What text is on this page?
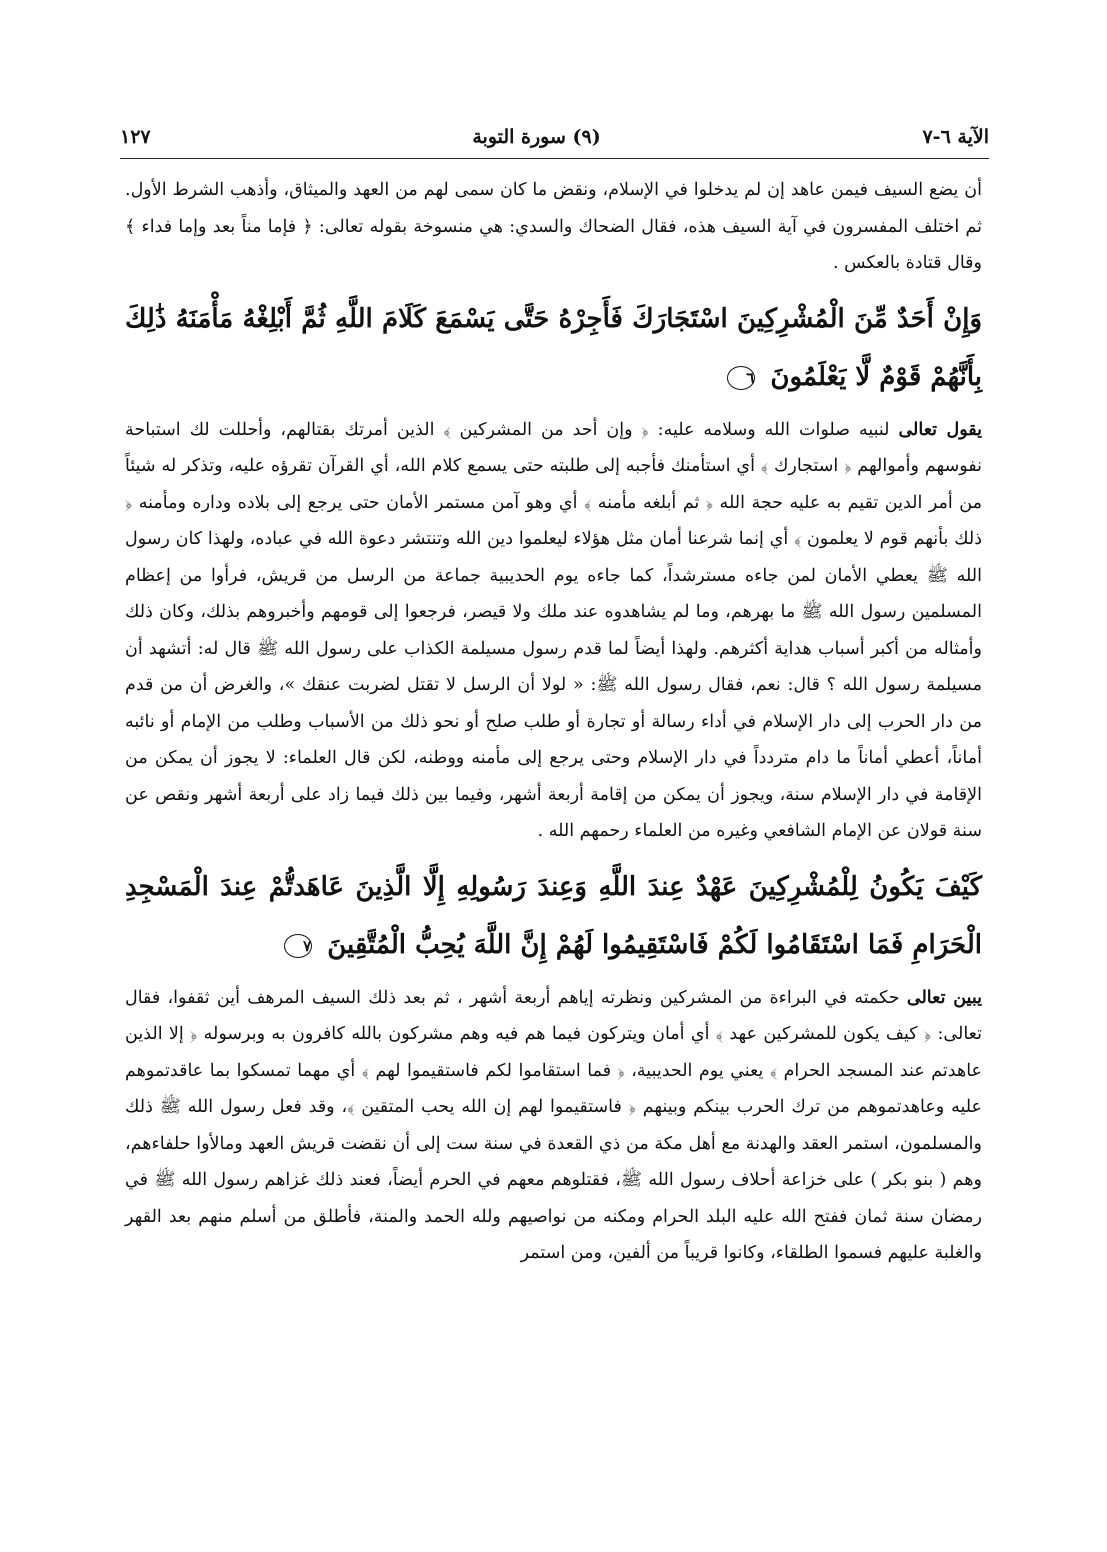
الآية ٦-٧
(٩) سورة التوبة
١٢٧

أن يضع السيف فيمن عاهد إن لم يدخلوا في الإسلام، ونقض ما كان سمى لهم من العهد والميثاق، وأذهب الشرط الأول. ثم اختلف المفسرون في آية السيف هذه، فقال الضحاك والسدي: هي منسوخة بقوله تعالى: ﴿ فإما مناً بعد وإما فداء ﴾ وقال قتادة بالعكس .

وَإِنْ أَحَدٌ مِّنَ الْمُشْرِكِينَ اسْتَجَارَكَ فَأَجِرْهُ حَتَّى يَسْمَعَ كَلَامَ اللَّهِ ثُمَّ أَبْلِغْهُ مَأْمَنَهُ ذَٰلِكَ بِأَنَّهُمْ قَوْمٌ لَّا يَعْلَمُونَ ٦

يقول تعالى لنبيه صلوات الله وسلامه عليه: ﴿ وإن أحد من المشركين ﴾ الذين أمرتك بقتالهم، وأحللت لك استباحة نفوسهم وأموالهم ﴿ استجارك ﴾ أي استأمنك فأجبه إلى طلبته حتى يسمع كلام الله، أي القرآن تقرؤه عليه، وتذكر له شيئاً من أمر الدين تقيم به عليه حجة الله ﴿ ثم أبلغه مأمنه ﴾ أي وهو آمن مستمر الأمان حتى يرجع إلى بلاده وداره ومأمنه ﴿ ذلك بأنهم قوم لا يعلمون ﴾ أي إنما شرعنا أمان مثل هؤلاء ليعلموا دين الله وتنتشر دعوة الله في عباده، ولهذا كان رسول الله ﷺ يعطي الأمان لمن جاءه مسترشداً، كما جاءه يوم الحديبية جماعة من الرسل من قريش، فرأوا من إعظام المسلمين رسول الله ﷺ ما بهرهم، وما لم يشاهدوه عند ملك ولا قيصر، فرجعوا إلى قومهم وأخبروهم بذلك، وكان ذلك وأمثاله من أكبر أسباب هداية أكثرهم. ولهذا أيضاً لما قدم رسول مسيلمة الكذاب على رسول الله ﷺ قال له: أتشهد أن مسيلمة رسول الله ؟ قال: نعم، فقال رسول الله ﷺ: « لولا أن الرسل لا تقتل لضربت عنقك »، والغرض أن من قدم من دار الحرب إلى دار الإسلام في أداء رسالة أو تجارة أو طلب صلح أو نحو ذلك من الأسباب وطلب من الإمام أو نائبه أماناً، أعطي أماناً ما دام متردداً في دار الإسلام وحتى يرجع إلى مأمنه ووطنه، لكن قال العلماء: لا يجوز أن يمكن من الإقامة في دار الإسلام سنة، ويجوز أن يمكن من إقامة أربعة أشهر، وفيما بين ذلك فيما زاد على أربعة أشهر ونقص عن سنة قولان عن الإمام الشافعي وغيره من العلماء رحمهم الله .

كَيْفَ يَكُونُ لِلْمُشْرِكِينَ عَهْدٌ عِندَ اللَّهِ وَعِندَ رَسُولِهِ إِلَّا الَّذِينَ عَاهَدتُّمْ عِندَ الْمَسْجِدِ الْحَرَامِ فَمَا اسْتَقَامُوا لَكُمْ فَاسْتَقِيمُوا لَهُمْ إِنَّ اللَّهَ يُحِبُّ الْمُتَّقِينَ ٧

يبين تعالى حكمته في البراءة من المشركين ونظرته إياهم أربعة أشهر ، ثم بعد ذلك السيف المرهف أين ثقفوا، فقال تعالى: ﴿ كيف يكون للمشركين عهد ﴾ أي أمان ويتركون فيما هم فيه وهم مشركون بالله كافرون به وبرسوله ﴿ إلا الذين عاهدتم عند المسجد الحرام ﴾ يعني يوم الحديبية، ﴿ فما استقاموا لكم فاستقيموا لهم ﴾ أي مهما تمسكوا بما عاقدتموهم عليه وعاهدتموهم من ترك الحرب بينكم وبينهم ﴿ فاستقيموا لهم إن الله يحب المتقين ﴾، وقد فعل رسول الله ﷺ ذلك والمسلمون، استمر العقد والهدنة مع أهل مكة من ذي القعدة في سنة ست إلى أن نقضت قريش العهد ومالأوا حلفاءهم، وهم ( بنو بكر ) على خزاعة أحلاف رسول الله ﷺ، فقتلوهم معهم في الحرم أيضاً، فعند ذلك غزاهم رسول الله ﷺ في رمضان سنة ثمان ففتح الله عليه البلد الحرام ومكنه من نواصيهم ولله الحمد والمنة، فأطلق من أسلم منهم بعد القهر والغلبة عليهم فسموا الطلقاء، وكانوا قريباً من ألفين، ومن استمر
